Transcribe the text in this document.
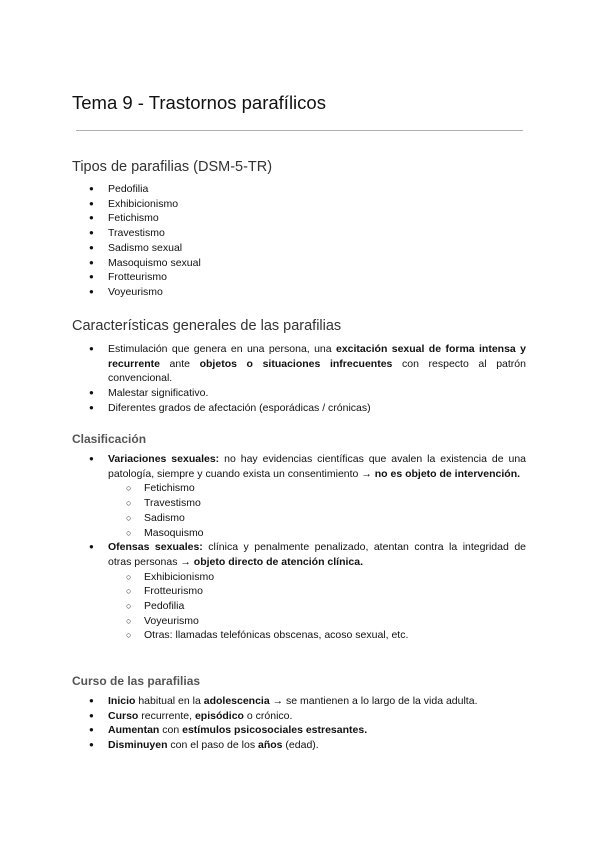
Tema 9 - Trastornos parafílicos
Tipos de parafilias (DSM-5-TR)
● Pedofilia
● Exhibicionismo
● Fetichismo
● Travestismo
● Sadismo sexual
● Masoquismo sexual
● Frotteurismo
● Voyeurismo
Características generales de las parafilias
● Estimulación que genera en una persona, una excitación sexual de forma intensa y recurrente ante objetos o situaciones infrecuentes con respecto al patrón convencional.
● Malestar significativo.
● Diferentes grados de afectación (esporádicas / crónicas)
Clasificación
● Variaciones sexuales: no hay evidencias científicas que avalen la existencia de una patología, siempre y cuando exista un consentimiento → no es objeto de intervención.
○ Fetichismo
○ Travestismo
○ Sadismo
○ Masoquismo
● Ofensas sexuales: clínica y penalmente penalizado, atentan contra la integridad de otras personas → objeto directo de atención clínica.
○ Exhibicionismo
○ Frotteurismo
○ Pedofilia
○ Voyeurismo
○ Otras: llamadas telefónicas obscenas, acoso sexual, etc.
Curso de las parafilias
● Inicio habitual en la adolescencia → se mantienen a lo largo de la vida adulta.
● Curso recurrente, episódico o crónico.
● Aumentan con estímulos psicosociales estresantes.
● Disminuyen con el paso de los años (edad).
